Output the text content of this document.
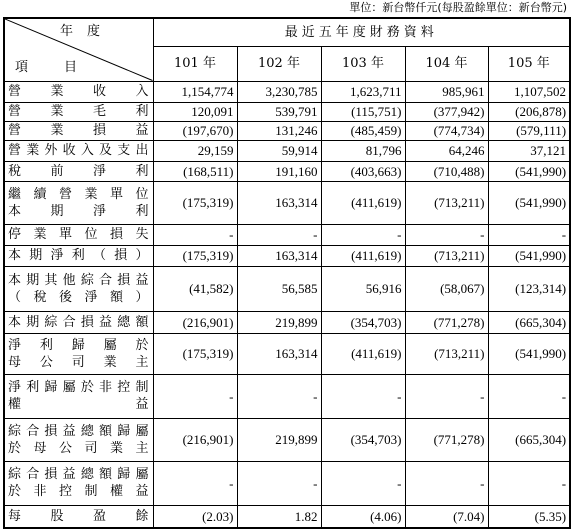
單位：新台幣仟元(每股盈餘單位：新台幣元)
年度
項目	最近五年度財務資料				
	101 年	102 年	103 年	104 年	105 年

營業收入	1,154,774	3,230,785	1,623,711	985,961	1,107,502

營業毛利	120,091	539,791	(115,751)	(377,942)	(206,878)

營業損益	(197,670)	131,246	(485,459)	(774,734)	(579,111)

營業外收入及支出	29,159	59,914	81,796	64,246	37,121

稅前淨利	(168,511)	191,160	(403,663)	(710,488)	(541,990)

繼續營業單位
本期淨利	(175,319)	163,314	(411,619)	(713,211)	(541,990)

停業單位損失	-	-	-	-	-

本期淨利（損）	(175,319)	163,314	(411,619)	(713,211)	(541,990)

本期其他綜合損益
（稅後淨額）	(41,582)	56,585	56,916	(58,067)	(123,314)

本期綜合損益總額	(216,901)	219,899	(354,703)	(771,278)	(665,304)

淨利歸屬於
母公司業主	(175,319)	163,314	(411,619)	(713,211)	(541,990)

淨利歸屬於非控制
權益	-	-	-	-	-

綜合損益總額歸屬
於母公司業主	(216,901)	219,899	(354,703)	(771,278)	(665,304)

綜合損益總額歸屬
於非控制權益	-	-	-	-	-

每股盈餘	(2.03)	1.82	(4.06)	(7.04)	(5.35)
